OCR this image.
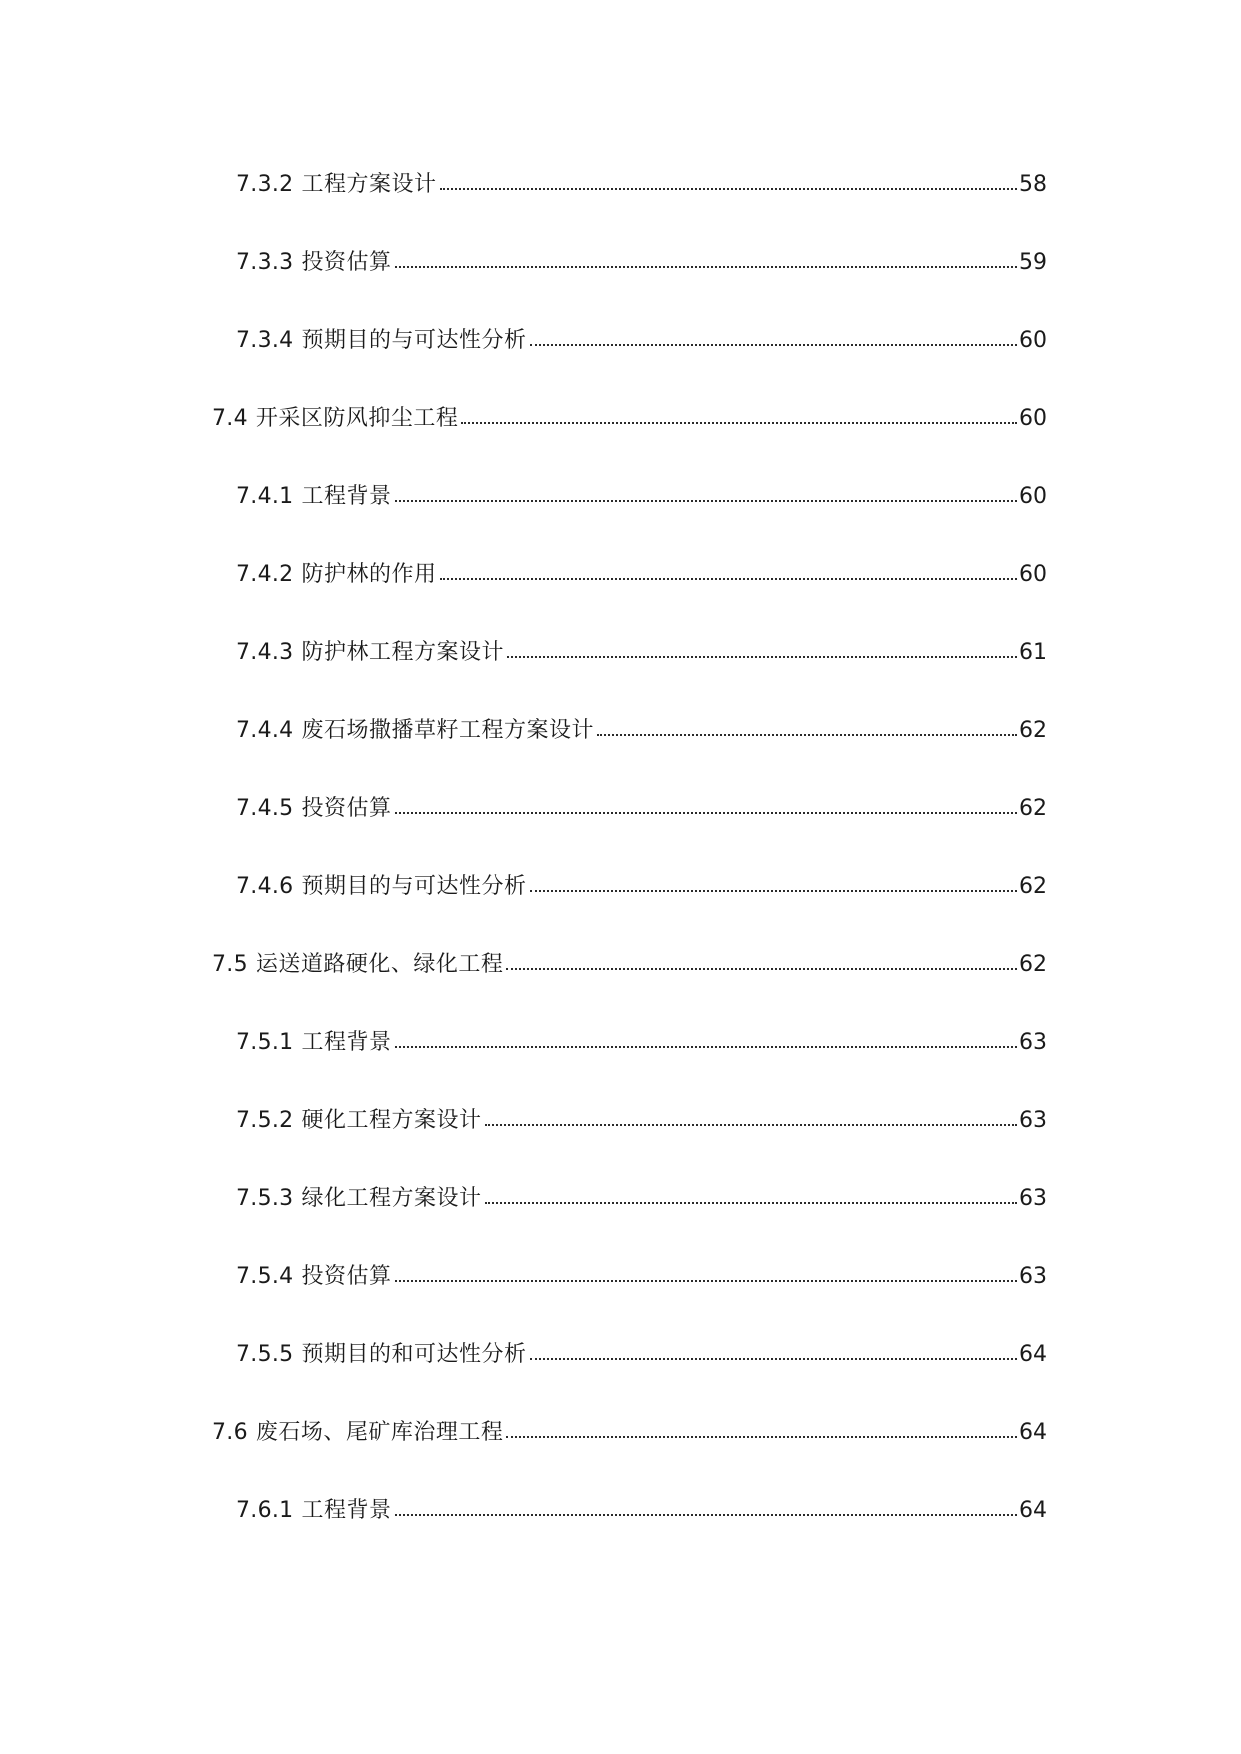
7.3.2 工程方案设计	58
7.3.3 投资估算	59
7.3.4 预期目的与可达性分析	60
7.4 开采区防风抑尘工程	60
7.4.1 工程背景	60
7.4.2 防护林的作用	60
7.4.3 防护林工程方案设计	61
7.4.4 废石场撒播草籽工程方案设计	62
7.4.5 投资估算	62
7.4.6 预期目的与可达性分析	62
7.5 运送道路硬化、绿化工程	62
7.5.1 工程背景	63
7.5.2 硬化工程方案设计	63
7.5.3 绿化工程方案设计	63
7.5.4 投资估算	63
7.5.5 预期目的和可达性分析	64
7.6 废石场、尾矿库治理工程	64
7.6.1 工程背景	64
